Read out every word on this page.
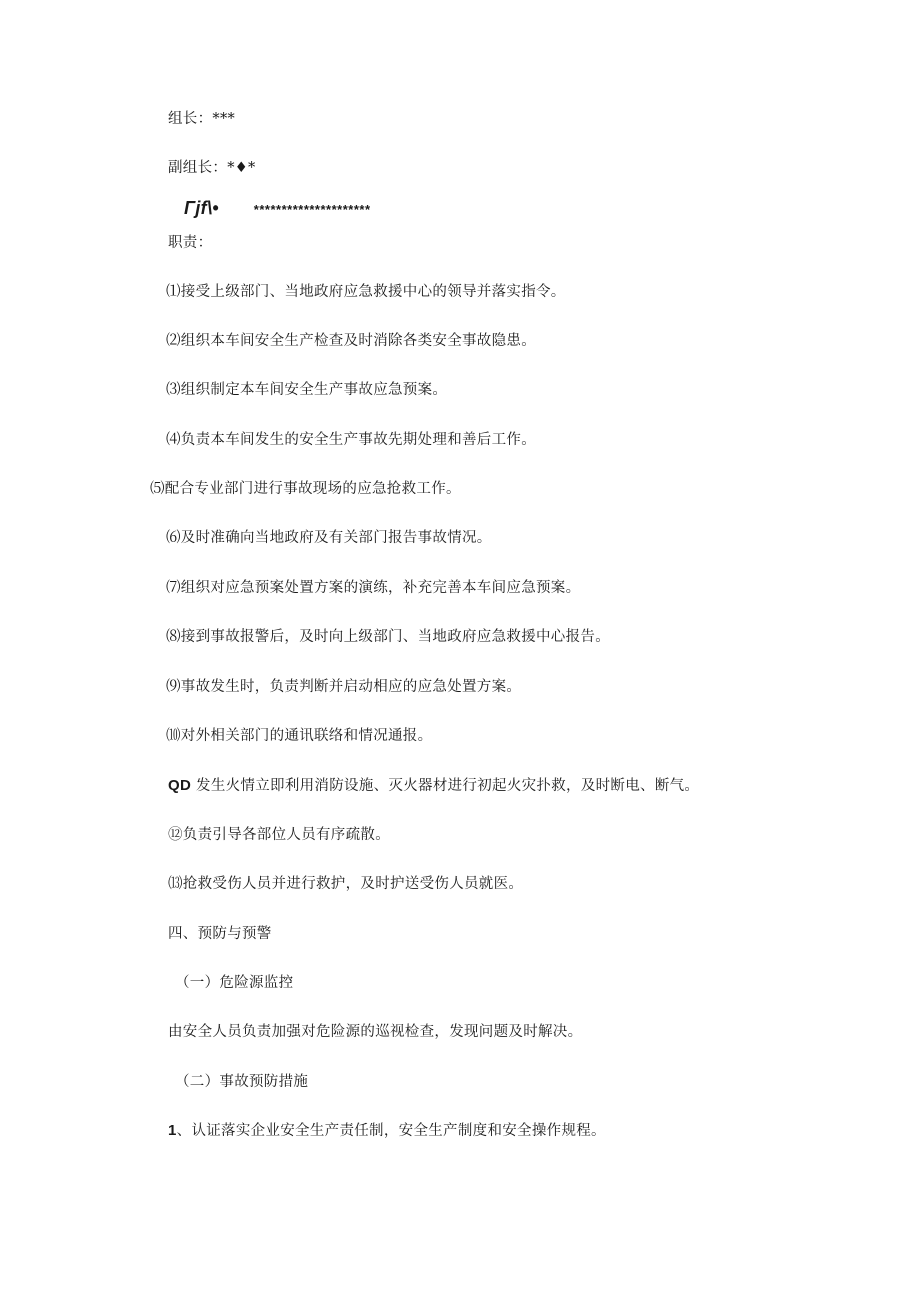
组长：***
副组长：*♦*
Гjf\•	*********************
职责：
⑴接受上级部门、当地政府应急救援中心的领导并落实指令。
⑵组织本车间安全生产检查及时消除各类安全事故隐患。
⑶组织制定本车间安全生产事故应急预案。
⑷负责本车间发生的安全生产事故先期处理和善后工作。
⑸配合专业部门进行事故现场的应急抢救工作。
⑹及时准确向当地政府及有关部门报告事故情况。
⑺组织对应急预案处置方案的演练，补充完善本车间应急预案。
⑻接到事故报警后，及时向上级部门、当地政府应急救援中心报告。
⑼事故发生时，负责判断并启动相应的应急处置方案。
⑽对外相关部门的通讯联络和情况通报。
QD 发生火情立即利用消防设施、灭火器材进行初起火灾扑救，及时断电、断气。
⑫负责引导各部位人员有序疏散。
⒀抢救受伤人员并进行救护，及时护送受伤人员就医。
四、预防与预警
（一）危险源监控
由安全人员负责加强对危险源的巡视检查，发现问题及时解决。
（二）事故预防措施
1、认证落实企业安全生产责任制，安全生产制度和安全操作规程。
